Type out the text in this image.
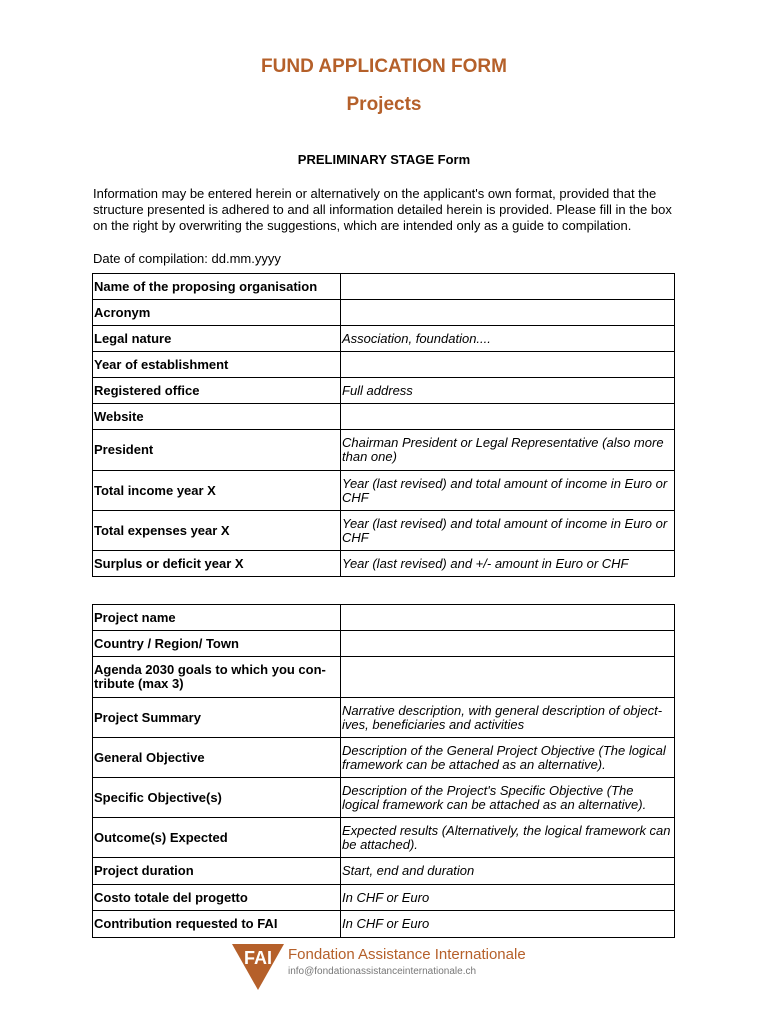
FUND APPLICATION FORM
Projects
PRELIMINARY STAGE Form
Information may be entered herein or alternatively on the applicant's own format, provided that the structure presented is adhered to and all information detailed herein is provided. Please fill in the box on the right by overwriting the suggestions, which are intended only as a guide to compilation.
Date of compilation: dd.mm.yyyy
Name of the proposing organisation	
Acronym	
Legal nature	Association, foundation....
Year of establishment	
Registered office	Full address
Website	
President	Chairman President or Legal Representative (also more than one)
Total income year X	Year (last revised) and total amount of income in Euro or CHF
Total expenses year X	Year (last revised) and total amount of income in Euro or CHF
Surplus or deficit year X	Year (last revised) and +/- amount in Euro or CHF
Project name	
Country / Region/ Town	
Agenda 2030 goals to which you con-tribute (max 3)	
Project Summary	Narrative description, with general description of object-ives, beneficiaries and activities
General Objective	Description of the General Project Objective (The logical framework can be attached as an alternative).
Specific Objective(s)	Description of the Project's Specific Objective (The logical framework can be attached as an alternative).
Outcome(s) Expected	Expected results (Alternatively, the logical framework can be attached).
Project duration	Start, end and duration
Costo totale del progetto	In CHF or Euro
Contribution requested to FAI	In CHF or Euro
FAI Fondation Assistance Internationale
info@fondationassistanceinternationale.ch
